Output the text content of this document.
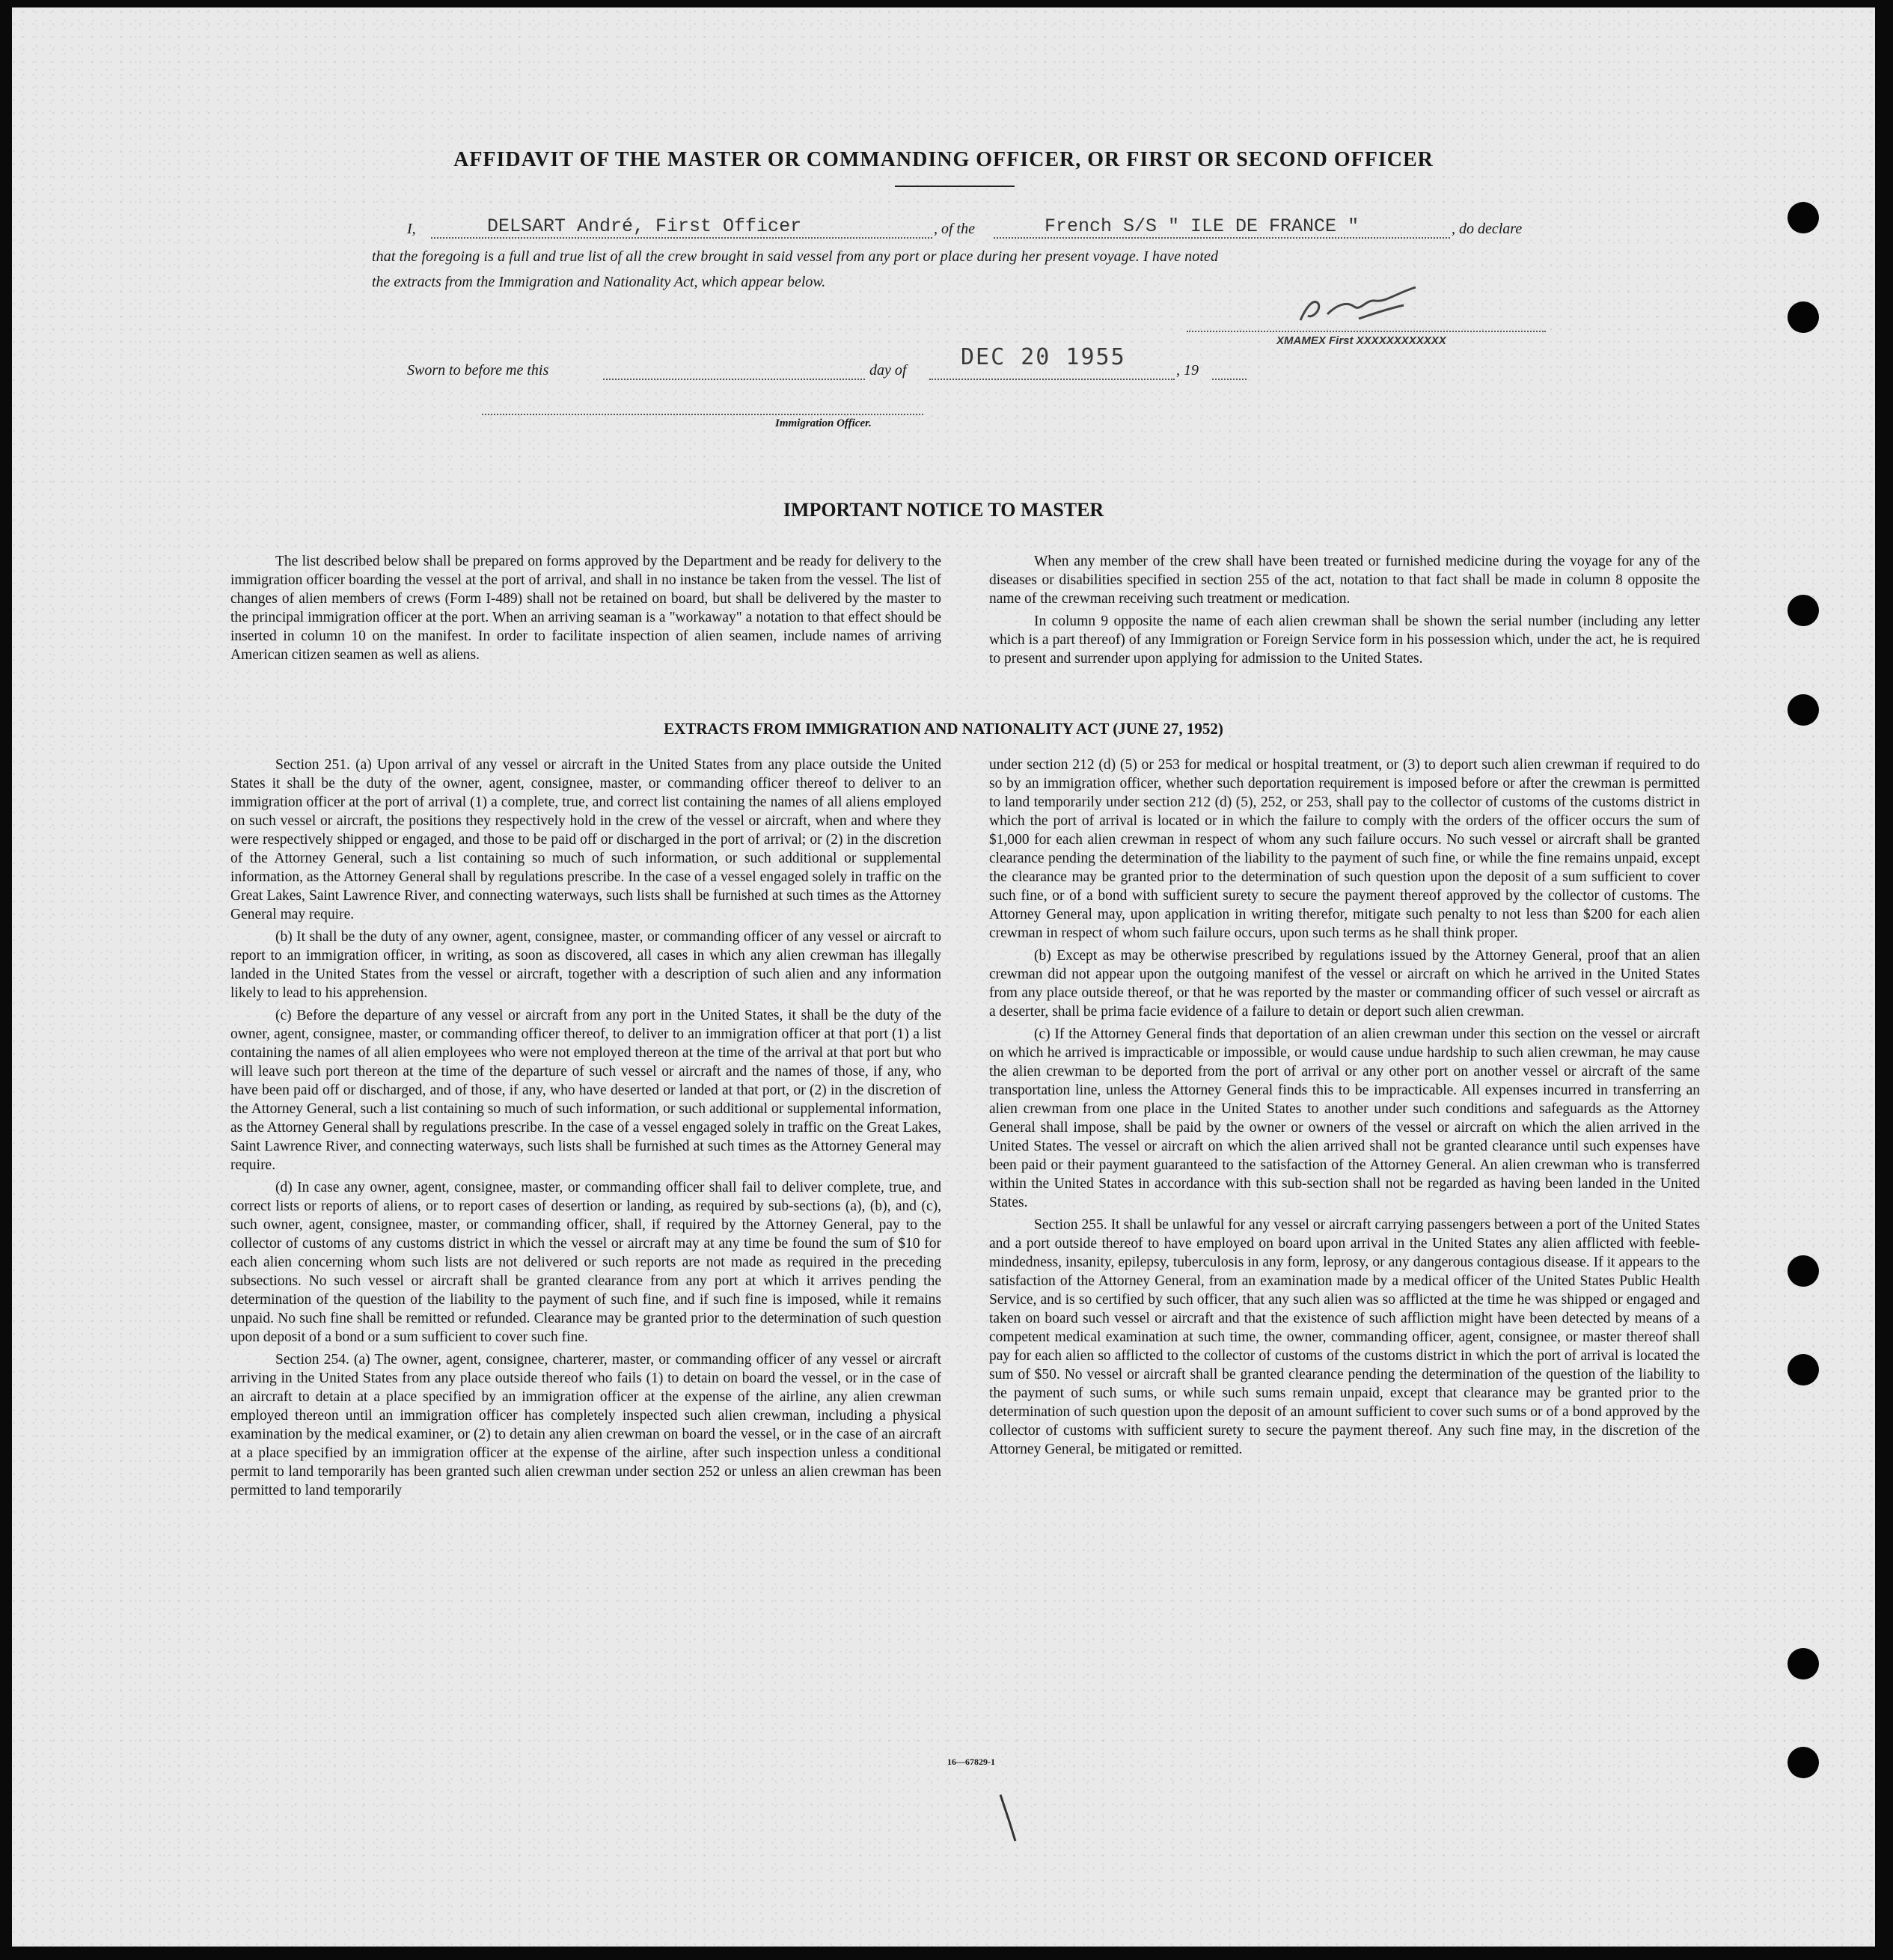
AFFIDAVIT OF THE MASTER OR COMMANDING OFFICER, OR FIRST OR SECOND OFFICER
I,	DELSART André, First Officer	, of the	French S/S " ILE DE FRANCE "	, do declare
that the foregoing is a full and true list of all the crew brought in said vessel from any port or place during her present voyage. I have noted
the extracts from the Immigration and Nationality Act, which appear below.
XMAMEX First XXXXXXXXXXXX
Sworn to before me this	day of DEC 20 1955	, 19
Immigration Officer.
IMPORTANT NOTICE TO MASTER

The list described below shall be prepared on forms approved by the Department and be ready for delivery to the immigration officer boarding the vessel at the port of arrival, and shall in no instance be taken from the vessel. The list of changes of alien members of crews (Form I-489) shall not be retained on board, but shall be delivered by the master to the principal immigration officer at the port. When an arriving seaman is a "workaway" a notation to that effect should be inserted in column 10 on the manifest. In order to facilitate inspection of alien seamen, include names of arriving American citizen seamen as well as aliens.

When any member of the crew shall have been treated or furnished medicine during the voyage for any of the diseases or disabilities specified in section 255 of the act, notation to that fact shall be made in column 8 opposite the name of the crewman receiving such treatment or medication.

In column 9 opposite the name of each alien crewman shall be shown the serial number (including any letter which is a part thereof) of any Immigration or Foreign Service form in his possession which, under the act, he is required to present and surrender upon applying for admission to the United States.

EXTRACTS FROM IMMIGRATION AND NATIONALITY ACT (JUNE 27, 1952)

Section 251. (a) Upon arrival of any vessel or aircraft in the United States from any place outside the United States it shall be the duty of the owner, agent, consignee, master, or commanding officer thereof to deliver to an immigration officer at the port of arrival (1) a complete, true, and correct list containing the names of all aliens employed on such vessel or aircraft, the positions they respectively hold in the crew of the vessel or aircraft, when and where they were respectively shipped or engaged, and those to be paid off or discharged in the port of arrival; or (2) in the discretion of the Attorney General, such a list containing so much of such information, or such additional or supplemental information, as the Attorney General shall by regulations prescribe. In the case of a vessel engaged solely in traffic on the Great Lakes, Saint Lawrence River, and connecting waterways, such lists shall be furnished at such times as the Attorney General may require.

(b) It shall be the duty of any owner, agent, consignee, master, or commanding officer of any vessel or aircraft to report to an immigration officer, in writing, as soon as discovered, all cases in which any alien crewman has illegally landed in the United States from the vessel or aircraft, together with a description of such alien and any information likely to lead to his apprehension.

(c) Before the departure of any vessel or aircraft from any port in the United States, it shall be the duty of the owner, agent, consignee, master, or commanding officer thereof, to deliver to an immigration officer at that port (1) a list containing the names of all alien employees who were not employed thereon at the time of the arrival at that port but who will leave such port thereon at the time of the departure of such vessel or aircraft and the names of those, if any, who have been paid off or discharged, and of those, if any, who have deserted or landed at that port, or (2) in the discretion of the Attorney General, such a list containing so much of such information, or such additional or supplemental information, as the Attorney General shall by regulations prescribe. In the case of a vessel engaged solely in traffic on the Great Lakes, Saint Lawrence River, and connecting waterways, such lists shall be furnished at such times as the Attorney General may require.

(d) In case any owner, agent, consignee, master, or commanding officer shall fail to deliver complete, true, and correct lists or reports of aliens, or to report cases of desertion or landing, as required by sub-sections (a), (b), and (c), such owner, agent, consignee, master, or commanding officer, shall, if required by the Attorney General, pay to the collector of customs of any customs district in which the vessel or aircraft may at any time be found the sum of $10 for each alien concerning whom such lists are not delivered or such reports are not made as required in the preceding subsections. No such vessel or aircraft shall be granted clearance from any port at which it arrives pending the determination of the question of the liability to the payment of such fine, and if such fine is imposed, while it remains unpaid. No such fine shall be remitted or refunded. Clearance may be granted prior to the determination of such question upon deposit of a bond or a sum sufficient to cover such fine.

Section 254. (a) The owner, agent, consignee, charterer, master, or commanding officer of any vessel or aircraft arriving in the United States from any place outside thereof who fails (1) to detain on board the vessel, or in the case of an aircraft to detain at a place specified by an immigration officer at the expense of the airline, any alien crewman employed thereon until an immigration officer has completely inspected such alien crewman, including a physical examination by the medical examiner, or (2) to detain any alien crewman on board the vessel, or in the case of an aircraft at a place specified by an immigration officer at the expense of the airline, after such inspection unless a conditional permit to land temporarily has been granted such alien crewman under section 252 or unless an alien crewman has been permitted to land temporarily

under section 212 (d) (5) or 253 for medical or hospital treatment, or (3) to deport such alien crewman if required to do so by an immigration officer, whether such deportation requirement is imposed before or after the crewman is permitted to land temporarily under section 212 (d) (5), 252, or 253, shall pay to the collector of customs of the customs district in which the port of arrival is located or in which the failure to comply with the orders of the officer occurs the sum of $1,000 for each alien crewman in respect of whom any such failure occurs. No such vessel or aircraft shall be granted clearance pending the determination of the liability to the payment of such fine, or while the fine remains unpaid, except the clearance may be granted prior to the determination of such question upon the deposit of a sum sufficient to cover such fine, or of a bond with sufficient surety to secure the payment thereof approved by the collector of customs. The Attorney General may, upon application in writing therefor, mitigate such penalty to not less than $200 for each alien crewman in respect of whom such failure occurs, upon such terms as he shall think proper.

(b) Except as may be otherwise prescribed by regulations issued by the Attorney General, proof that an alien crewman did not appear upon the outgoing manifest of the vessel or aircraft on which he arrived in the United States from any place outside thereof, or that he was reported by the master or commanding officer of such vessel or aircraft as a deserter, shall be prima facie evidence of a failure to detain or deport such alien crewman.

(c) If the Attorney General finds that deportation of an alien crewman under this section on the vessel or aircraft on which he arrived is impracticable or impossible, or would cause undue hardship to such alien crewman, he may cause the alien crewman to be deported from the port of arrival or any other port on another vessel or aircraft of the same transportation line, unless the Attorney General finds this to be impracticable. All expenses incurred in transferring an alien crewman from one place in the United States to another under such conditions and safeguards as the Attorney General shall impose, shall be paid by the owner or owners of the vessel or aircraft on which the alien arrived in the United States. The vessel or aircraft on which the alien arrived shall not be granted clearance until such expenses have been paid or their payment guaranteed to the satisfaction of the Attorney General. An alien crewman who is transferred within the United States in accordance with this sub-section shall not be regarded as having been landed in the United States.

Section 255. It shall be unlawful for any vessel or aircraft carrying passengers between a port of the United States and a port outside thereof to have employed on board upon arrival in the United States any alien afflicted with feeble-mindedness, insanity, epilepsy, tuberculosis in any form, leprosy, or any dangerous contagious disease. If it appears to the satisfaction of the Attorney General, from an examination made by a medical officer of the United States Public Health Service, and is so certified by such officer, that any such alien was so afflicted at the time he was shipped or engaged and taken on board such vessel or aircraft and that the existence of such affliction might have been detected by means of a competent medical examination at such time, the owner, commanding officer, agent, consignee, or master thereof shall pay for each alien so afflicted to the collector of customs of the customs district in which the port of arrival is located the sum of $50. No vessel or aircraft shall be granted clearance pending the determination of the question of the liability to the payment of such sums, or while such sums remain unpaid, except that clearance may be granted prior to the determination of such question upon the deposit of an amount sufficient to cover such sums or of a bond approved by the collector of customs with sufficient surety to secure the payment thereof. Any such fine may, in the discretion of the Attorney General, be mitigated or remitted.

16—67829-1
